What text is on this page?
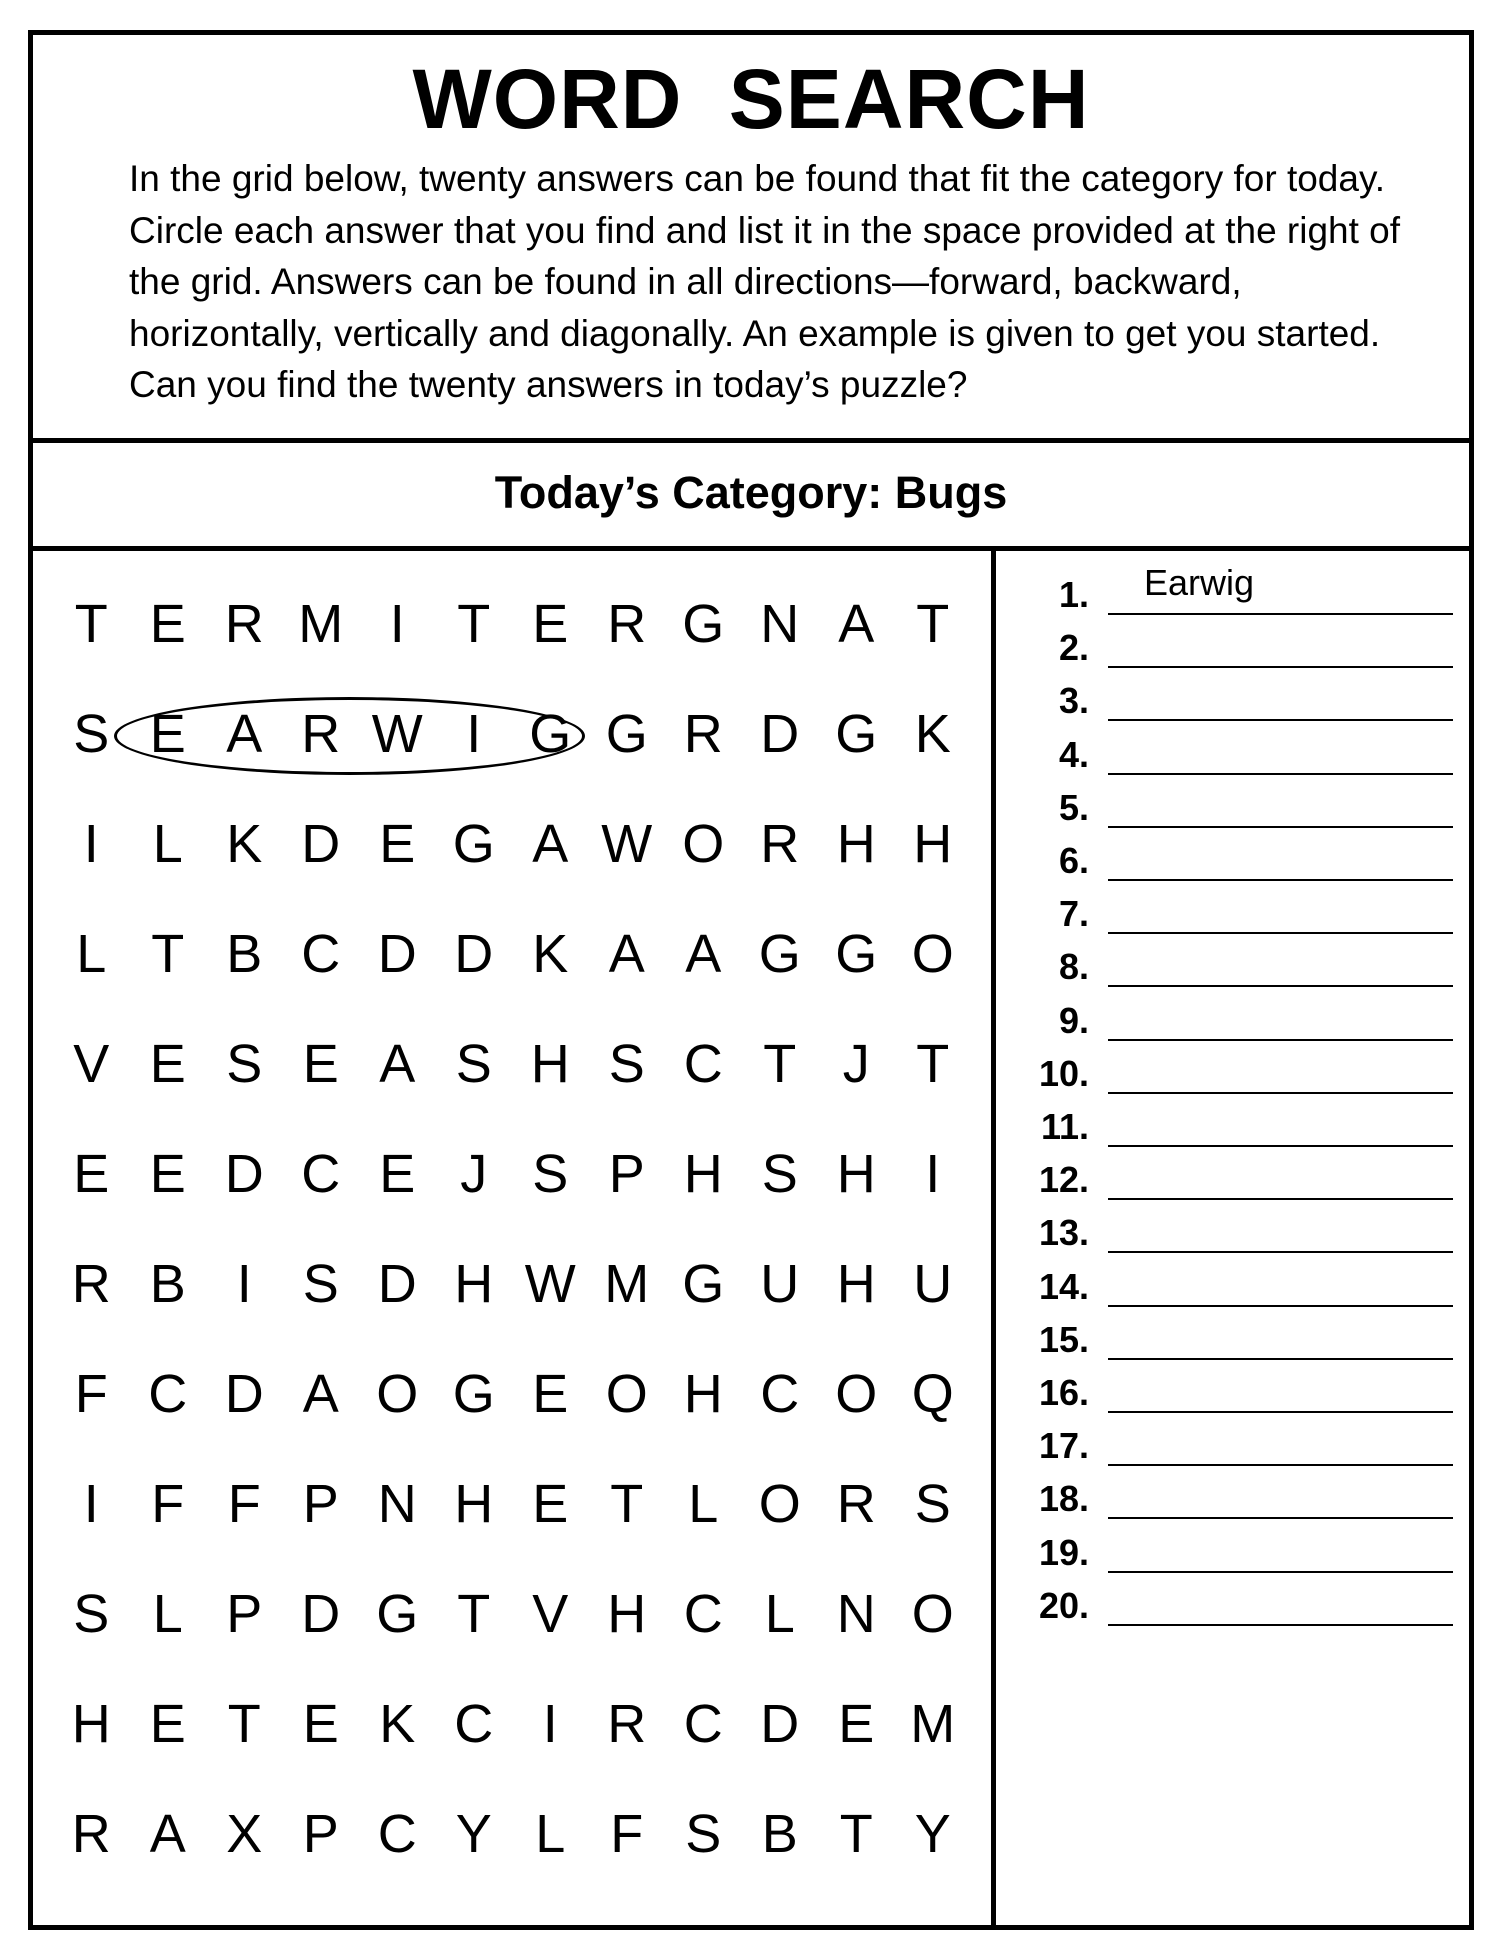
WORD SEARCH
In the grid below, twenty answers can be found that fit the category for today. Circle each answer that you find and list it in the space provided at the right of the grid. Answers can be found in all directions—forward, backward, horizontally, vertically and diagonally. An example is given to get you started. Can you find the twenty answers in today’s puzzle?
Today’s Category: Bugs
T E R M I T E R G N A T
S E A R W I G G R D G K
I L K D E G A W O R H H
L T B C D D K A A G G O
V E S E A S H S C T J T
E E D C E J S P H S H I
R B I S D H W M G U H U
F C D A O G E O H C O Q
I F F P N H E T L O R S
S L P D G T V H C L N O
H E T E K C I R C D E M
R A X P C Y L F S B T Y
1. Earwig
2.
3.
4.
5.
6.
7.
8.
9.
10.
11.
12.
13.
14.
15.
16.
17.
18.
19.
20.
